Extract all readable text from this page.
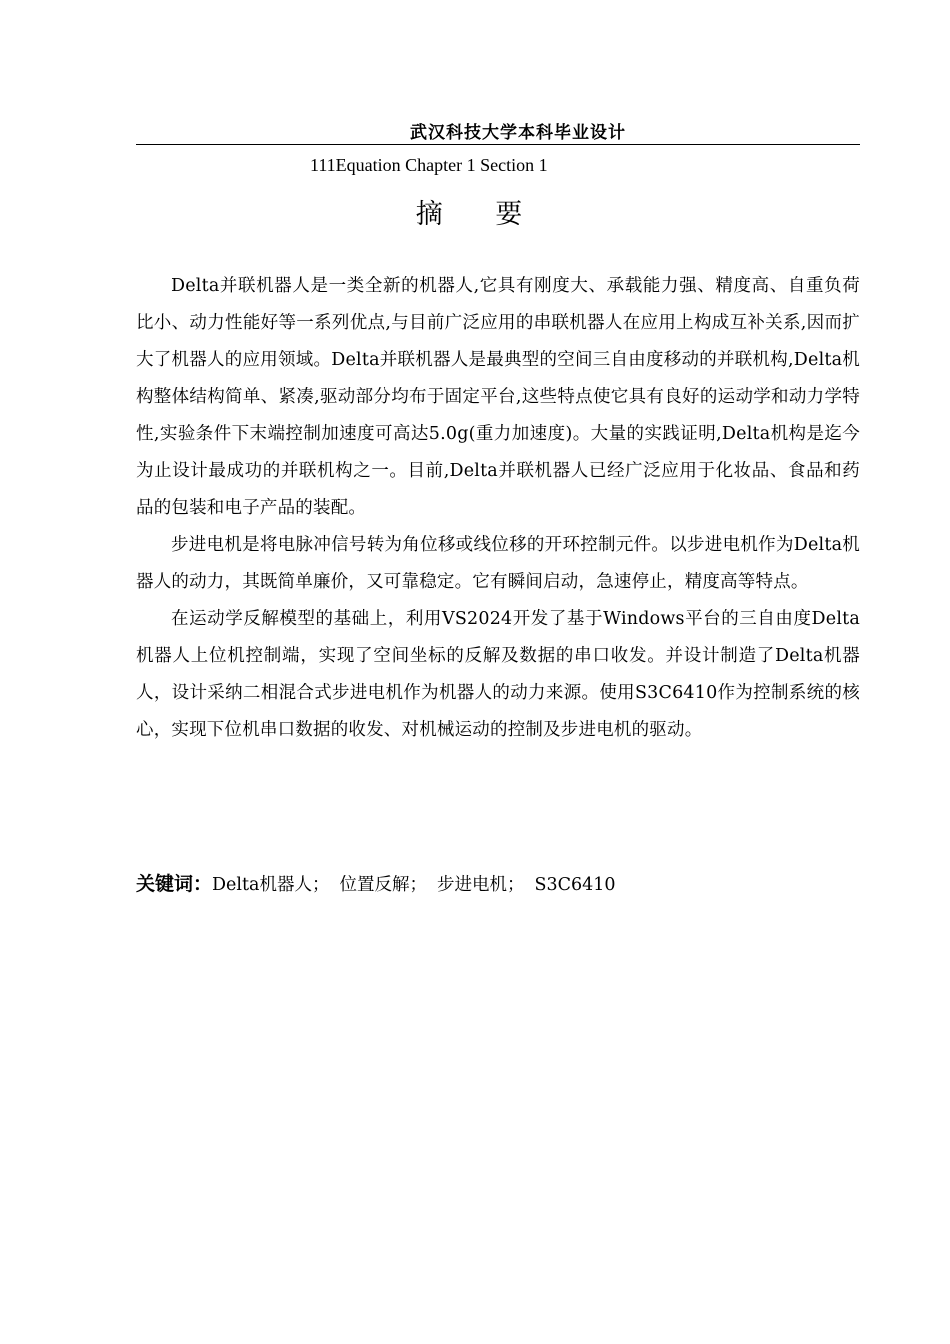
武汉科技大学本科毕业设计
111Equation Chapter 1 Section 1
摘 要

Delta并联机器人是一类全新的机器人,它具有刚度大、承载能力强、精度高、自重负荷比小、动力性能好等一系列优点,与目前广泛应用的串联机器人在应用上构成互补关系,因而扩大了机器人的应用领域。Delta并联机器人是最典型的空间三自由度移动的并联机构,Delta机构整体结构简单、紧凑,驱动部分均布于固定平台,这些特点使它具有良好的运动学和动力学特性,实验条件下末端控制加速度可高达5.0g(重力加速度)。大量的实践证明,Delta机构是迄今为止设计最成功的并联机构之一。目前,Delta并联机器人已经广泛应用于化妆品、食品和药品的包装和电子产品的装配。

步进电机是将电脉冲信号转为角位移或线位移的开环控制元件。以步进电机作为Delta机器人的动力，其既简单廉价，又可靠稳定。它有瞬间启动，急速停止，精度高等特点。

在运动学反解模型的基础上，利用VS2024开发了基于Windows平台的三自由度Delta机器人上位机控制端，实现了空间坐标的反解及数据的串口收发。并设计制造了Delta机器人，设计采纳二相混合式步进电机作为机器人的动力来源。使用S3C6410作为控制系统的核心，实现下位机串口数据的收发、对机械运动的控制及步进电机的驱动。

关键词：Delta机器人； 位置反解； 步进电机； S3C6410
